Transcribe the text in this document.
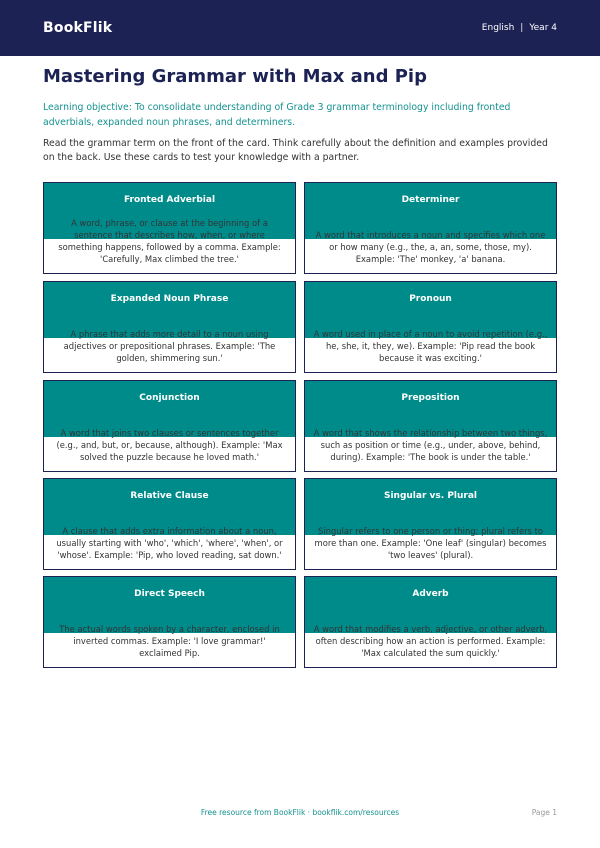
BookFlik	English | Year 4
Mastering Grammar with Max and Pip

Learning objective: To consolidate understanding of Grade 3 grammar terminology including fronted adverbials, expanded noun phrases, and determiners.

Read the grammar term on the front of the card. Think carefully about the definition and examples provided on the back. Use these cards to test your knowledge with a partner.

Fronted Adverbial
A word, phrase, or clause at the beginning of a sentence that describes how, when, or where something happens, followed by a comma. Example: 'Carefully, Max climbed the tree.'
Determiner
A word that introduces a noun and specifies which one or how many (e.g., the, a, an, some, those, my). Example: 'The' monkey, 'a' banana.
Expanded Noun Phrase
A phrase that adds more detail to a noun using adjectives or prepositional phrases. Example: 'The golden, shimmering sun.'
Pronoun
A word used in place of a noun to avoid repetition (e.g., he, she, it, they, we). Example: 'Pip read the book because it was exciting.'
Conjunction
A word that joins two clauses or sentences together (e.g., and, but, or, because, although). Example: 'Max solved the puzzle because he loved math.'
Preposition
A word that shows the relationship between two things, such as position or time (e.g., under, above, behind, during). Example: 'The book is under the table.'
Relative Clause
A clause that adds extra information about a noun, usually starting with 'who', 'which', 'where', 'when', or 'whose'. Example: 'Pip, who loved reading, sat down.'
Singular vs. Plural
Singular refers to one person or thing; plural refers to more than one. Example: 'One leaf' (singular) becomes 'two leaves' (plural).
Direct Speech
The actual words spoken by a character, enclosed in inverted commas. Example: 'I love grammar!' exclaimed Pip.
Adverb
A word that modifies a verb, adjective, or other adverb, often describing how an action is performed. Example: 'Max calculated the sum quickly.'
Free resource from BookFlik · bookflik.com/resources	Page 1
